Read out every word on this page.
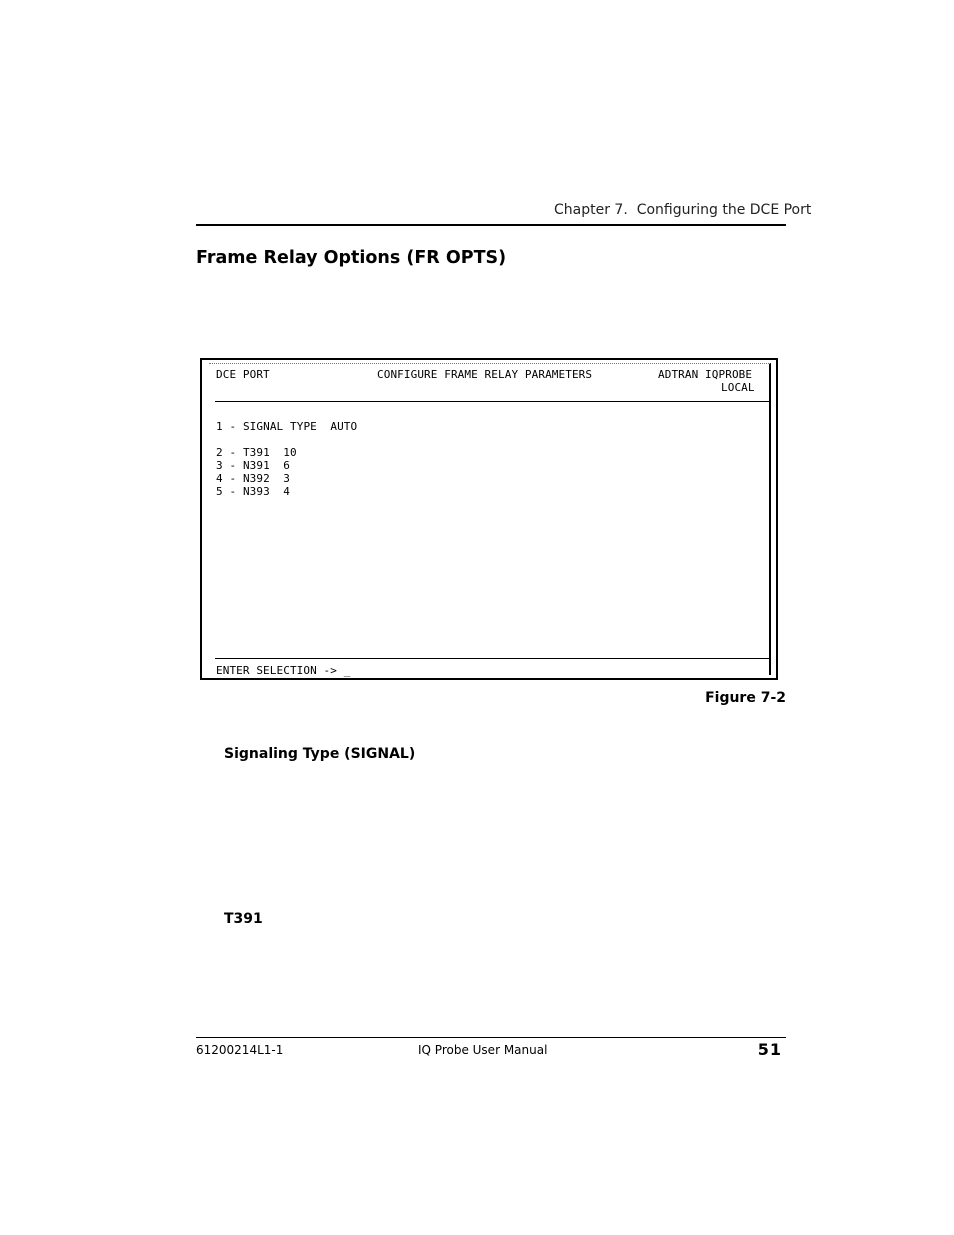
Chapter 7. Configuring the DCE Port
Frame Relay Options (FR OPTS)
DCE PORT	CONFIGURE FRAME RELAY PARAMETERS	ADTRAN IQPROBE
LOCAL
1 - SIGNAL TYPE AUTO
2 - T391 10
3 - N391 6
4 - N392 3
5 - N393 4
ENTER SELECTION -> _
Figure 7-2
Signaling Type (SIGNAL)
T391
61200214L1-1	IQ Probe User Manual	51
